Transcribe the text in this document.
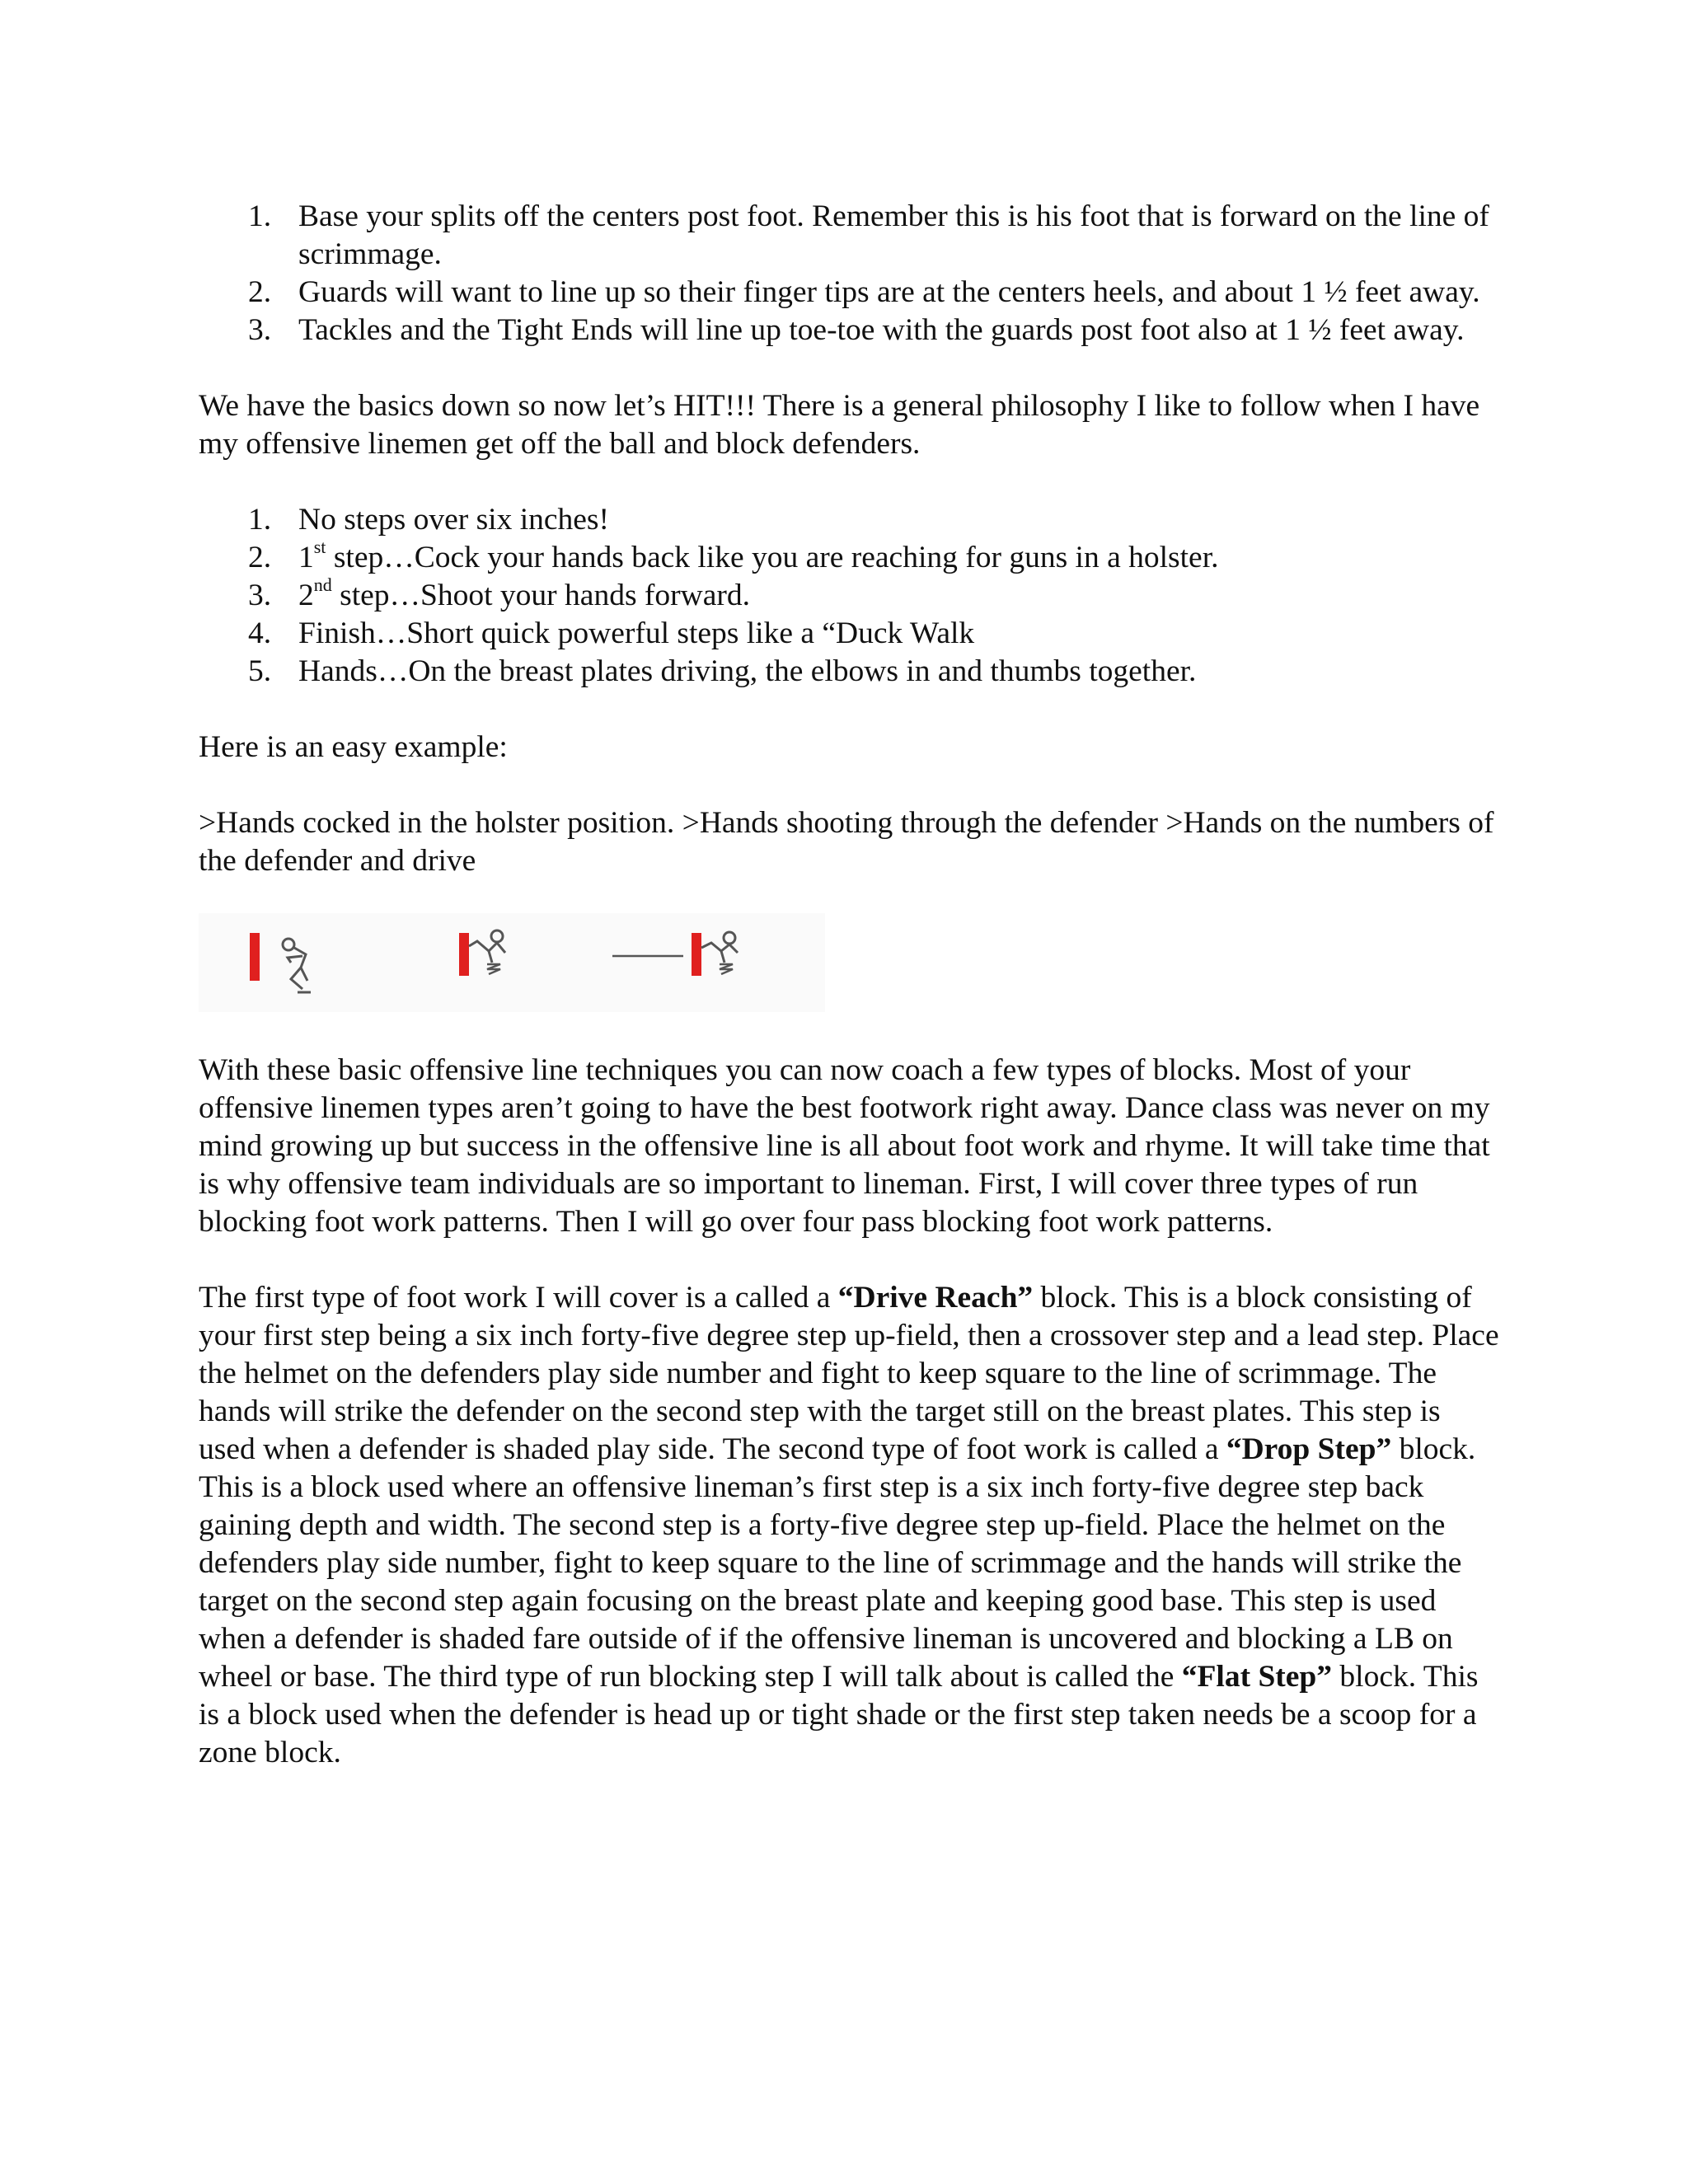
1. Base your splits off the centers post foot. Remember this is his foot that is forward on the line of scrimmage.
2. Guards will want to line up so their finger tips are at the centers heels, and about 1 ½ feet away.
3. Tackles and the Tight Ends will line up toe-toe with the guards post foot also at 1 ½ feet away.

We have the basics down so now let’s HIT!!! There is a general philosophy I like to follow when I have my offensive linemen get off the ball and block defenders.

1. No steps over six inches!
2. 1st step…Cock your hands back like you are reaching for guns in a holster.
3. 2nd step…Shoot your hands forward.
4. Finish…Short quick powerful steps like a “Duck Walk
5. Hands…On the breast plates driving, the elbows in and thumbs together.

Here is an easy example:

>Hands cocked in the holster position. >Hands shooting through the defender >Hands on the numbers of the defender and drive

With these basic offensive line techniques you can now coach a few types of blocks. Most of your offensive linemen types aren’t going to have the best footwork right away. Dance class was never on my mind growing up but success in the offensive line is all about foot work and rhyme. It will take time that is why offensive team individuals are so important to lineman. First, I will cover three types of run blocking foot work patterns. Then I will go over four pass blocking foot work patterns.

The first type of foot work I will cover is a called a “Drive Reach” block. This is a block consisting of your first step being a six inch forty-five degree step up-field, then a crossover step and a lead step. Place the helmet on the defenders play side number and fight to keep square to the line of scrimmage. The hands will strike the defender on the second step with the target still on the breast plates. This step is used when a defender is shaded play side. The second type of foot work is called a “Drop Step” block. This is a block used where an offensive lineman’s first step is a six inch forty-five degree step back gaining depth and width. The second step is a forty-five degree step up-field. Place the helmet on the defenders play side number, fight to keep square to the line of scrimmage and the hands will strike the target on the second step again focusing on the breast plate and keeping good base. This step is used when a defender is shaded fare outside of if the offensive lineman is uncovered and blocking a LB on wheel or base. The third type of run blocking step I will talk about is called the “Flat Step” block. This is a block used when the defender is head up or tight shade or the first step taken needs be a scoop for a zone block.
